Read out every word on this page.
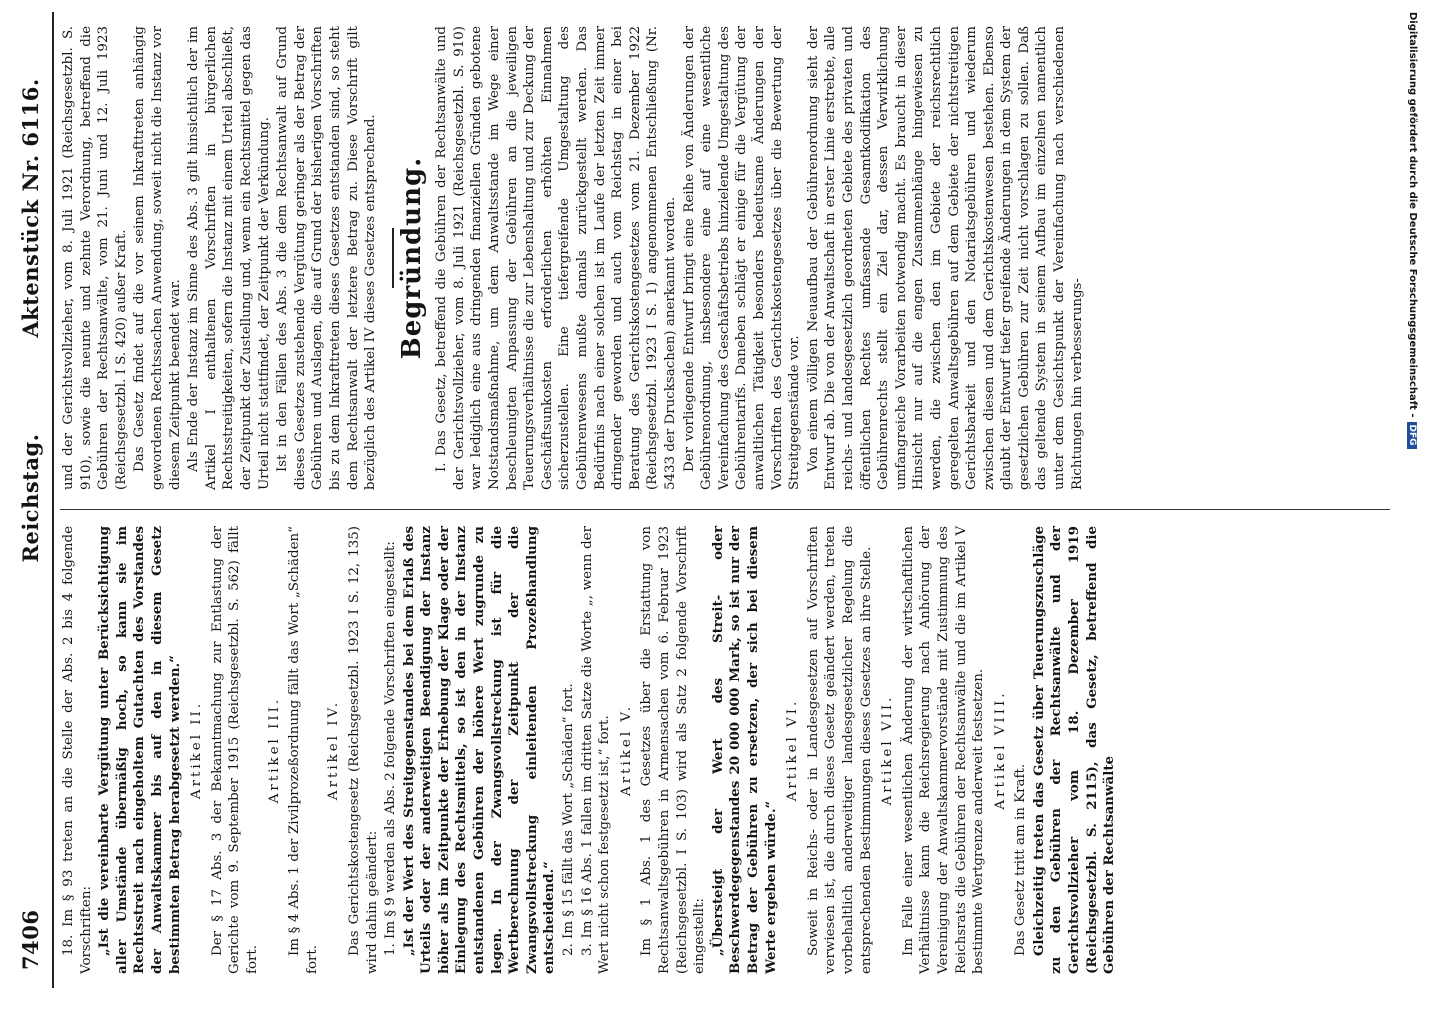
7406
Reichstag.
Aktenstück Nr. 6116.

18. Im § 93 treten an die Stelle der Abs. 2 bis 4 folgende Vorschriften: „Ist die vereinbarte Vergütung unter Berücksichtigung aller Umstände übermäßig hoch, so kann sie im Rechtsstreit nach eingeholtem Gutachten des Vorstandes der Anwaltskammer bis auf den in diesem Gesetz bestimmten Betrag herabgesetzt werden.“ Artikel II. Der § 17 Abs. 3 der Bekanntmachung zur Entlastung der Gerichte vom 9. September 1915 (Reichsgesetzbl. S. 562) fällt fort.

Artikel III. Im § 4 Abs. 1 der Zivilprozeßordnung fällt das Wort „Schäden“ fort.

Artikel IV. Das Gerichtskostengesetz (Reichsgesetzbl. 1923 I S. 12, 135) wird dahin geändert: 1. Im § 9 werden als Abs. 2 folgende Vorschriften eingestellt: „Ist der Wert des Streitgegenstandes bei dem Erlaß des Urteils oder der anderweitigen Beendigung der Instanz höher als im Zeitpunkte der Erhebung der Klage oder der Einlegung des Rechtsmittels, so ist den in der Instanz entstandenen Gebühren der höhere Wert zugrunde zu legen. In der Zwangsvollstreckung ist für die Wertberechnung der Zeitpunkt der die Zwangsvollstreckung einleitenden Prozeßhandlung entscheidend.“ 2. Im § 15 fällt das Wort „Schäden“ fort. 3. Im § 16 Abs. 1 fallen im dritten Satze die Worte „, wenn der Wert nicht schon festgesetzt ist,“ fort. Artikel V. Im § 1 Abs. 1 des Gesetzes über die Erstattung von Rechtsanwaltsgebühren in Armensachen vom 6. Februar 1923 (Reichsgesetzbl. I S. 103) wird als Satz 2 folgende Vorschrift eingestellt: „Übersteigt der Wert des Streit- oder Beschwerdegegenstandes 20 000 000 Mark, so ist nur der Betrag der Gebühren zu ersetzen, der sich bei diesem Werte ergeben würde.“

Artikel VI. Soweit in Reichs- oder in Landesgesetzen auf Vorschriften verwiesen ist, die durch dieses Gesetz geändert werden, treten vorbehaltlich anderweitiger landesgesetzlicher Regelung die entsprechenden Bestimmungen dieses Gesetzes an ihre Stelle. Artikel VII. Im Falle einer wesentlichen Änderung der wirtschaftlichen Verhältnisse kann die Reichsregierung nach Anhörung der Vereinigung der Anwaltskammervorstände mit Zustimmung des Reichsrats die Gebühren der Rechtsanwälte und die im Artikel V bestimmte Wertgrenze anderweit festsetzen. Artikel VIII.

Das Gesetz tritt am in Kraft. Gleichzeitig treten das Gesetz über Teuerungszuschläge zu den Gebühren der Rechtsanwälte und der Gerichtsvollzieher vom 18. Dezember 1919 (Reichsgesetzbl. S. 2115), das Gesetz, betreffend die Gebühren der Rechtsanwälte

und der Gerichtsvollzieher, vom 8. Juli 1921 (Reichsgesetzbl. S. 910), sowie die neunte und zehnte Verordnung, betreffend die Gebühren der Rechtsanwälte, vom 21. Juni und 12. Juli 1923 (Reichsgesetzbl. I S. 420) außer Kraft. Das Gesetz findet auf die vor seinem Inkrafttreten anhängig gewordenen Rechtssachen Anwendung, soweit nicht die Instanz vor diesem Zeitpunkt beendet war. Als Ende der Instanz im Sinne des Abs. 3 gilt hinsichtlich der im Artikel I enthaltenen Vorschriften in bürgerlichen Rechtsstreitigkeiten, sofern die Instanz mit einem Urteil abschließt, der Zeitpunkt der Zustellung und, wenn ein Rechtsmittel gegen das Urteil nicht stattfindet, der Zeitpunkt der Verkündung. Ist in den Fällen des Abs. 3 die dem Rechtsanwalt auf Grund dieses Gesetzes zustehende Vergütung geringer als der Betrag der Gebühren und Auslagen, die auf Grund der bisherigen Vorschriften bis zu dem Inkrafttreten dieses Gesetzes entstanden sind, so steht dem Rechtsanwalt der letztere Betrag zu. Diese Vorschrift gilt bezüglich des Artikel IV dieses Gesetzes entsprechend. Begründung. I. Das Gesetz, betreffend die Gebühren der Rechtsanwälte und der Gerichtsvollzieher, vom 8. Juli 1921 (Reichsgesetzbl. S. 910) war lediglich eine aus dringenden finanziellen Gründen gebotene Notstandsmaßnahme, um dem Anwaltsstande im Wege einer beschleunigten Anpassung der Gebühren an die jeweiligen Teuerungsverhältnisse die zur Lebenshaltung und zur Deckung der Geschäftsunkosten erforderlichen erhöhten Einnahmen sicherzustellen. Eine tiefergreifende Umgestaltung des Gebührenwesens mußte damals zurückgestellt werden. Das Bedürfnis nach einer solchen ist im Laufe der letzten Zeit immer dringender geworden und auch vom Reichstag in einer bei Beratung des Gerichtskostengesetzes vom 21. Dezember 1922 (Reichsgesetzbl. 1923 I S. 1) angenommenen Entschließung (Nr. 5433 der Drucksachen) anerkannt worden. Der vorliegende Entwurf bringt eine Reihe von Änderungen der Gebührenordnung, insbesondere eine auf eine wesentliche Vereinfachung des Geschäftsbetriebs hinzielende Umgestaltung des Gebührentarifs. Daneben schlägt er einige für die Vergütung der anwaltlichen Tätigkeit besonders bedeutsame Änderungen der Vorschriften des Gerichtskostengesetzes über die Bewertung der Streitgegenstände vor. Von einem völligen Neuaufbau der Gebührenordnung sieht der Entwurf ab. Die von der Anwaltschaft in erster Linie erstrebte, alle reichs- und landesgesetzlich geordneten Gebiete des privaten und öffentlichen Rechtes umfassende Gesamtkodifikation des Gebührenrechts stellt ein Ziel dar, dessen Verwirklichung umfangreiche Vorarbeiten notwendig macht. Es braucht in dieser Hinsicht nur auf die engen Zusammenhänge hingewiesen zu werden, die zwischen den im Gebiete der reichsrechtlich geregelten Anwaltsgebühren auf dem Gebiete der nichtstreitigen Gerichtsbarkeit und den Notariatsgebühren und wiederum zwischen diesen und dem Gerichtskostenwesen bestehen. Ebenso glaubt der Entwurf tiefer greifende Änderungen in dem System der gesetzlichen Gebühren zur Zeit nicht vorschlagen zu sollen. Daß das geltende System in seinem Aufbau im einzelnen namentlich unter dem Gesichtspunkt der Vereinfachung nach verschiedenen Richtungen hin verbesserungs-	Digitalisierung gefördert durch die Deutsche Forschungsgemeinschaft -DFG
